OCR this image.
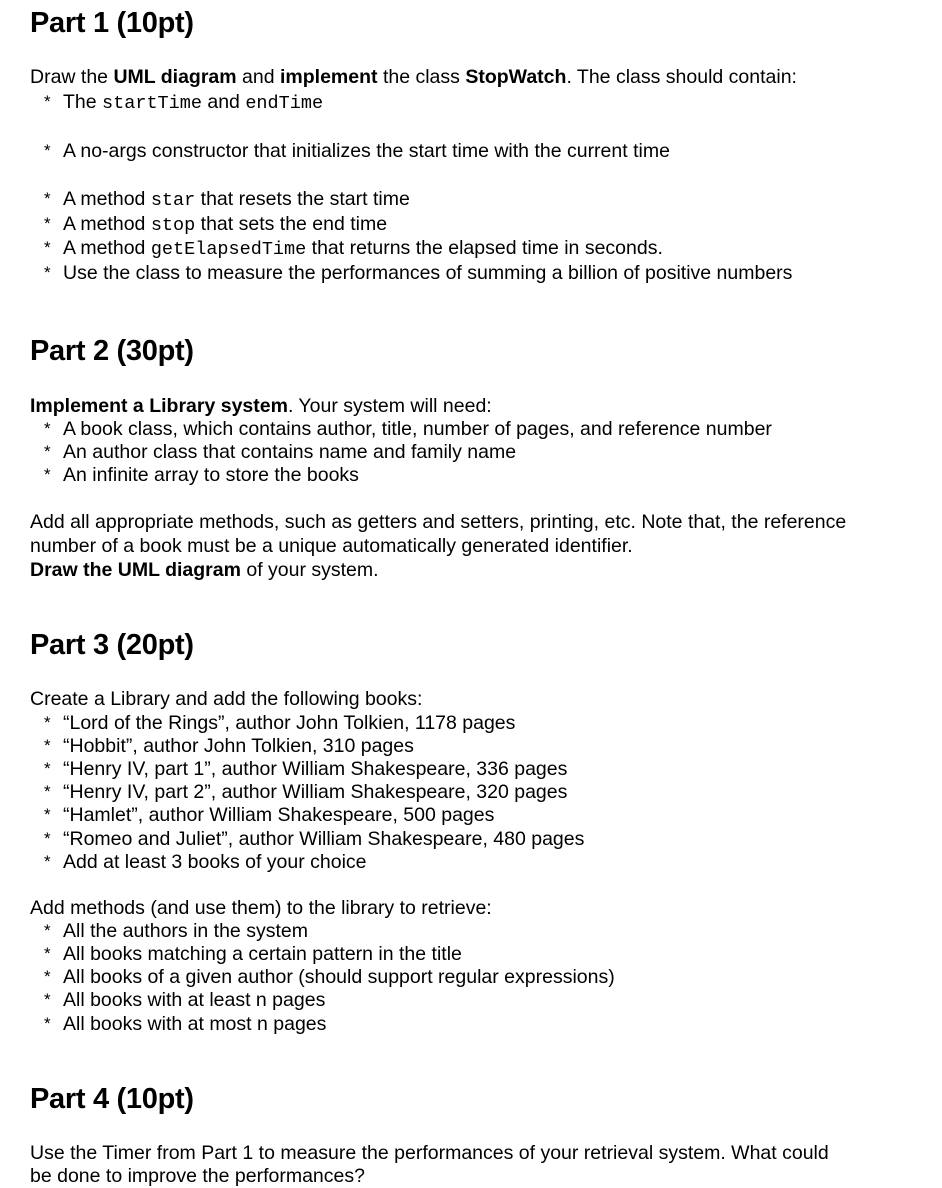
Part 1 (10pt)
Draw the UML diagram and implement the class StopWatch. The class should contain:
* The startTime and endTime
* A no-args constructor that initializes the start time with the current time
* A method star that resets the start time
* A method stop that sets the end time
* A method getElapsedTime that returns the elapsed time in seconds.
* Use the class to measure the performances of summing a billion of positive numbers
Part 2 (30pt)
Implement a Library system. Your system will need:
* A book class, which contains author, title, number of pages, and reference number
* An author class that contains name and family name
* An infinite array to store the books
Add all appropriate methods, such as getters and setters, printing, etc. Note that, the reference
number of a book must be a unique automatically generated identifier.
Draw the UML diagram of your system.
Part 3 (20pt)
Create a Library and add the following books:
* “Lord of the Rings”, author John Tolkien, 1178 pages
* “Hobbit”, author John Tolkien, 310 pages
* “Henry IV, part 1”, author William Shakespeare, 336 pages
* “Henry IV, part 2”, author William Shakespeare, 320 pages
* “Hamlet”, author William Shakespeare, 500 pages
* “Romeo and Juliet”, author William Shakespeare, 480 pages
* Add at least 3 books of your choice
Add methods (and use them) to the library to retrieve:
* All the authors in the system
* All books matching a certain pattern in the title
* All books of a given author (should support regular expressions)
* All books with at least n pages
* All books with at most n pages
Part 4 (10pt)
Use the Timer from Part 1 to measure the performances of your retrieval system. What could
be done to improve the performances?
